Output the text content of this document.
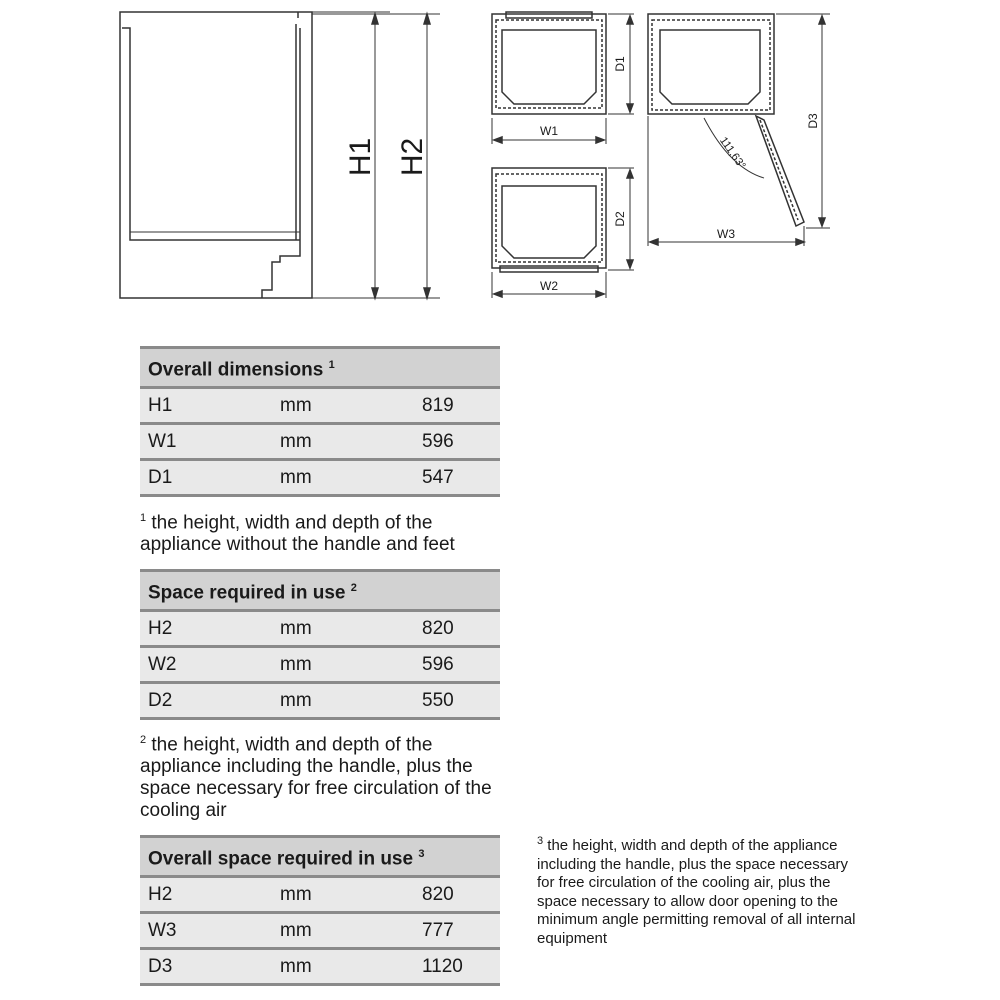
H1 H2
W1
D1
W2
D2
W3
D3
111,63°
Overall dimensions $^1$
H1	mm	819
W1	mm	596
D1	mm	547
$^1$ the height, width and depth of the appliance without the handle and feet
Space required in use $^2$
H2	mm	820
W2	mm	596
D2	mm	550
$^2$ the height, width and depth of the appliance including the handle, plus the space necessary for free circulation of the cooling air
Overall space required in use $^3$
H2	mm	820
W3	mm	777
D3	mm	1120
$^3$ the height, width and depth of the appliance including the handle, plus the space necessary for free circulation of the cooling air, plus the space necessary to allow door opening to the minimum angle permitting removal of all internal equipment
